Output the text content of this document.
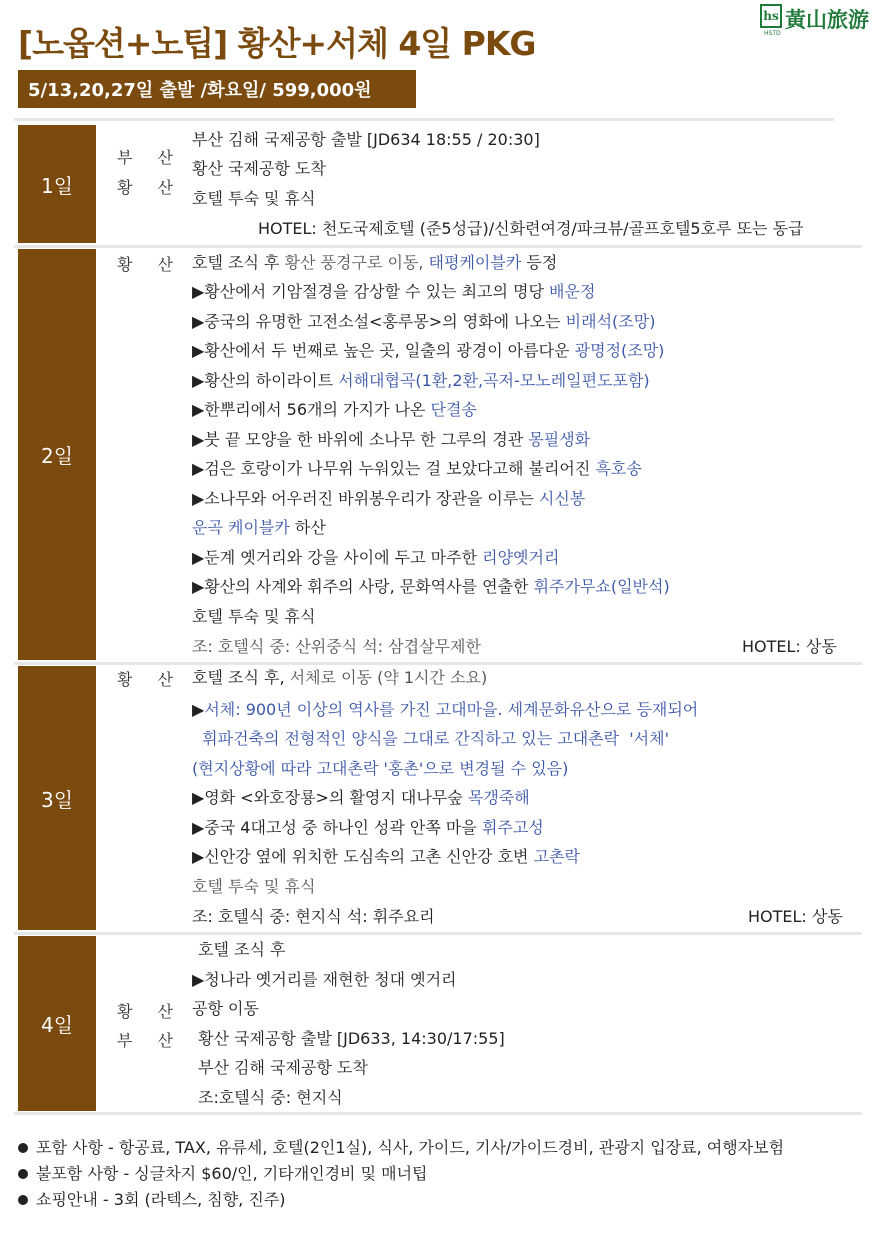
[노옵션+노팁] 황산+서체 4일 PKG
hs
HSTD
黃山旅游
5/13,20,27일 출발 /화요일/ 599,000원
1일
부 산
황 산
부산 김해 국제공항 출발 [JD634 18:55 / 20:30]
황산 국제공항 도착
호텔 투숙 및 휴식
HOTEL: 천도국제호텔 (준5성급)/신화련여경/파크뷰/골프호텔5호루 또는 동급
2일
황 산 호텔 조식 후 황산 풍경구로 이동, 태평케이블카 등정
▶황산에서 기암절경을 감상할 수 있는 최고의 명당 배운정
▶중국의 유명한 고전소설<홍루몽>의 영화에 나오는 비래석(조망)
▶황산에서 두 번째로 높은 곳, 일출의 광경이 아름다운 광명정(조망)
▶황산의 하이라이트 서해대협곡(1환,2환,곡저-모노레일편도포함)
▶한뿌리에서 56개의 가지가 나온 단결송
▶붓 끝 모양을 한 바위에 소나무 한 그루의 경관 몽필생화
▶검은 호랑이가 나무위 누워있는 걸 보았다고해 불리어진 흑호송
▶소나무와 어우러진 바위봉우리가 장관을 이루는 시신봉
운곡 케이블카 하산
▶둔계 옛거리와 강을 사이에 두고 마주한 리양옛거리
▶황산의 사계와 휘주의 사랑, 문화역사를 연출한 휘주가무쇼(일반석)
호텔 투숙 및 휴식
조: 호텔식 중: 산위중식 석: 삼겹살무제한	HOTEL: 상동
3일
황 산 호텔 조식 후, 서체로 이동 (약 1시간 소요)
▶서체: 900년 이상의 역사를 가진 고대마을. 세계문화유산으로 등재되어
휘파건축의 전형적인 양식을 그대로 간직하고 있는 고대촌락  '서체'
(현지상황에 따라 고대촌락 '홍촌'으로 변경될 수 있음)
▶영화 <와호장룡>의 활영지 대나무숲 목갱죽해
▶중국 4대고성 중 하나인 성곽 안쪽 마을 휘주고성
▶신안강 옆에 위치한 도심속의 고촌 신안강 호변 고촌락
호텔 투숙 및 휴식
조: 호텔식 중: 현지식 석: 휘주요리	HOTEL: 상동
4일
황 산
부 산
호텔 조식 후
▶청나라 옛거리를 재현한 청대 옛거리
공항 이동
황산 국제공항 출발 [JD633, 14:30/17:55]
부산 김해 국제공항 도착
조:호텔식 중: 현지식
포함 사항 - 항공료, TAX, 유류세, 호텔(2인1실), 식사, 가이드, 기사/가이드경비, 관광지 입장료, 여행자보험
불포함 사항 - 싱글차지 $60/인, 기타개인경비 및 매너팁
쇼핑안내 - 3회 (라텍스, 침향, 진주)
